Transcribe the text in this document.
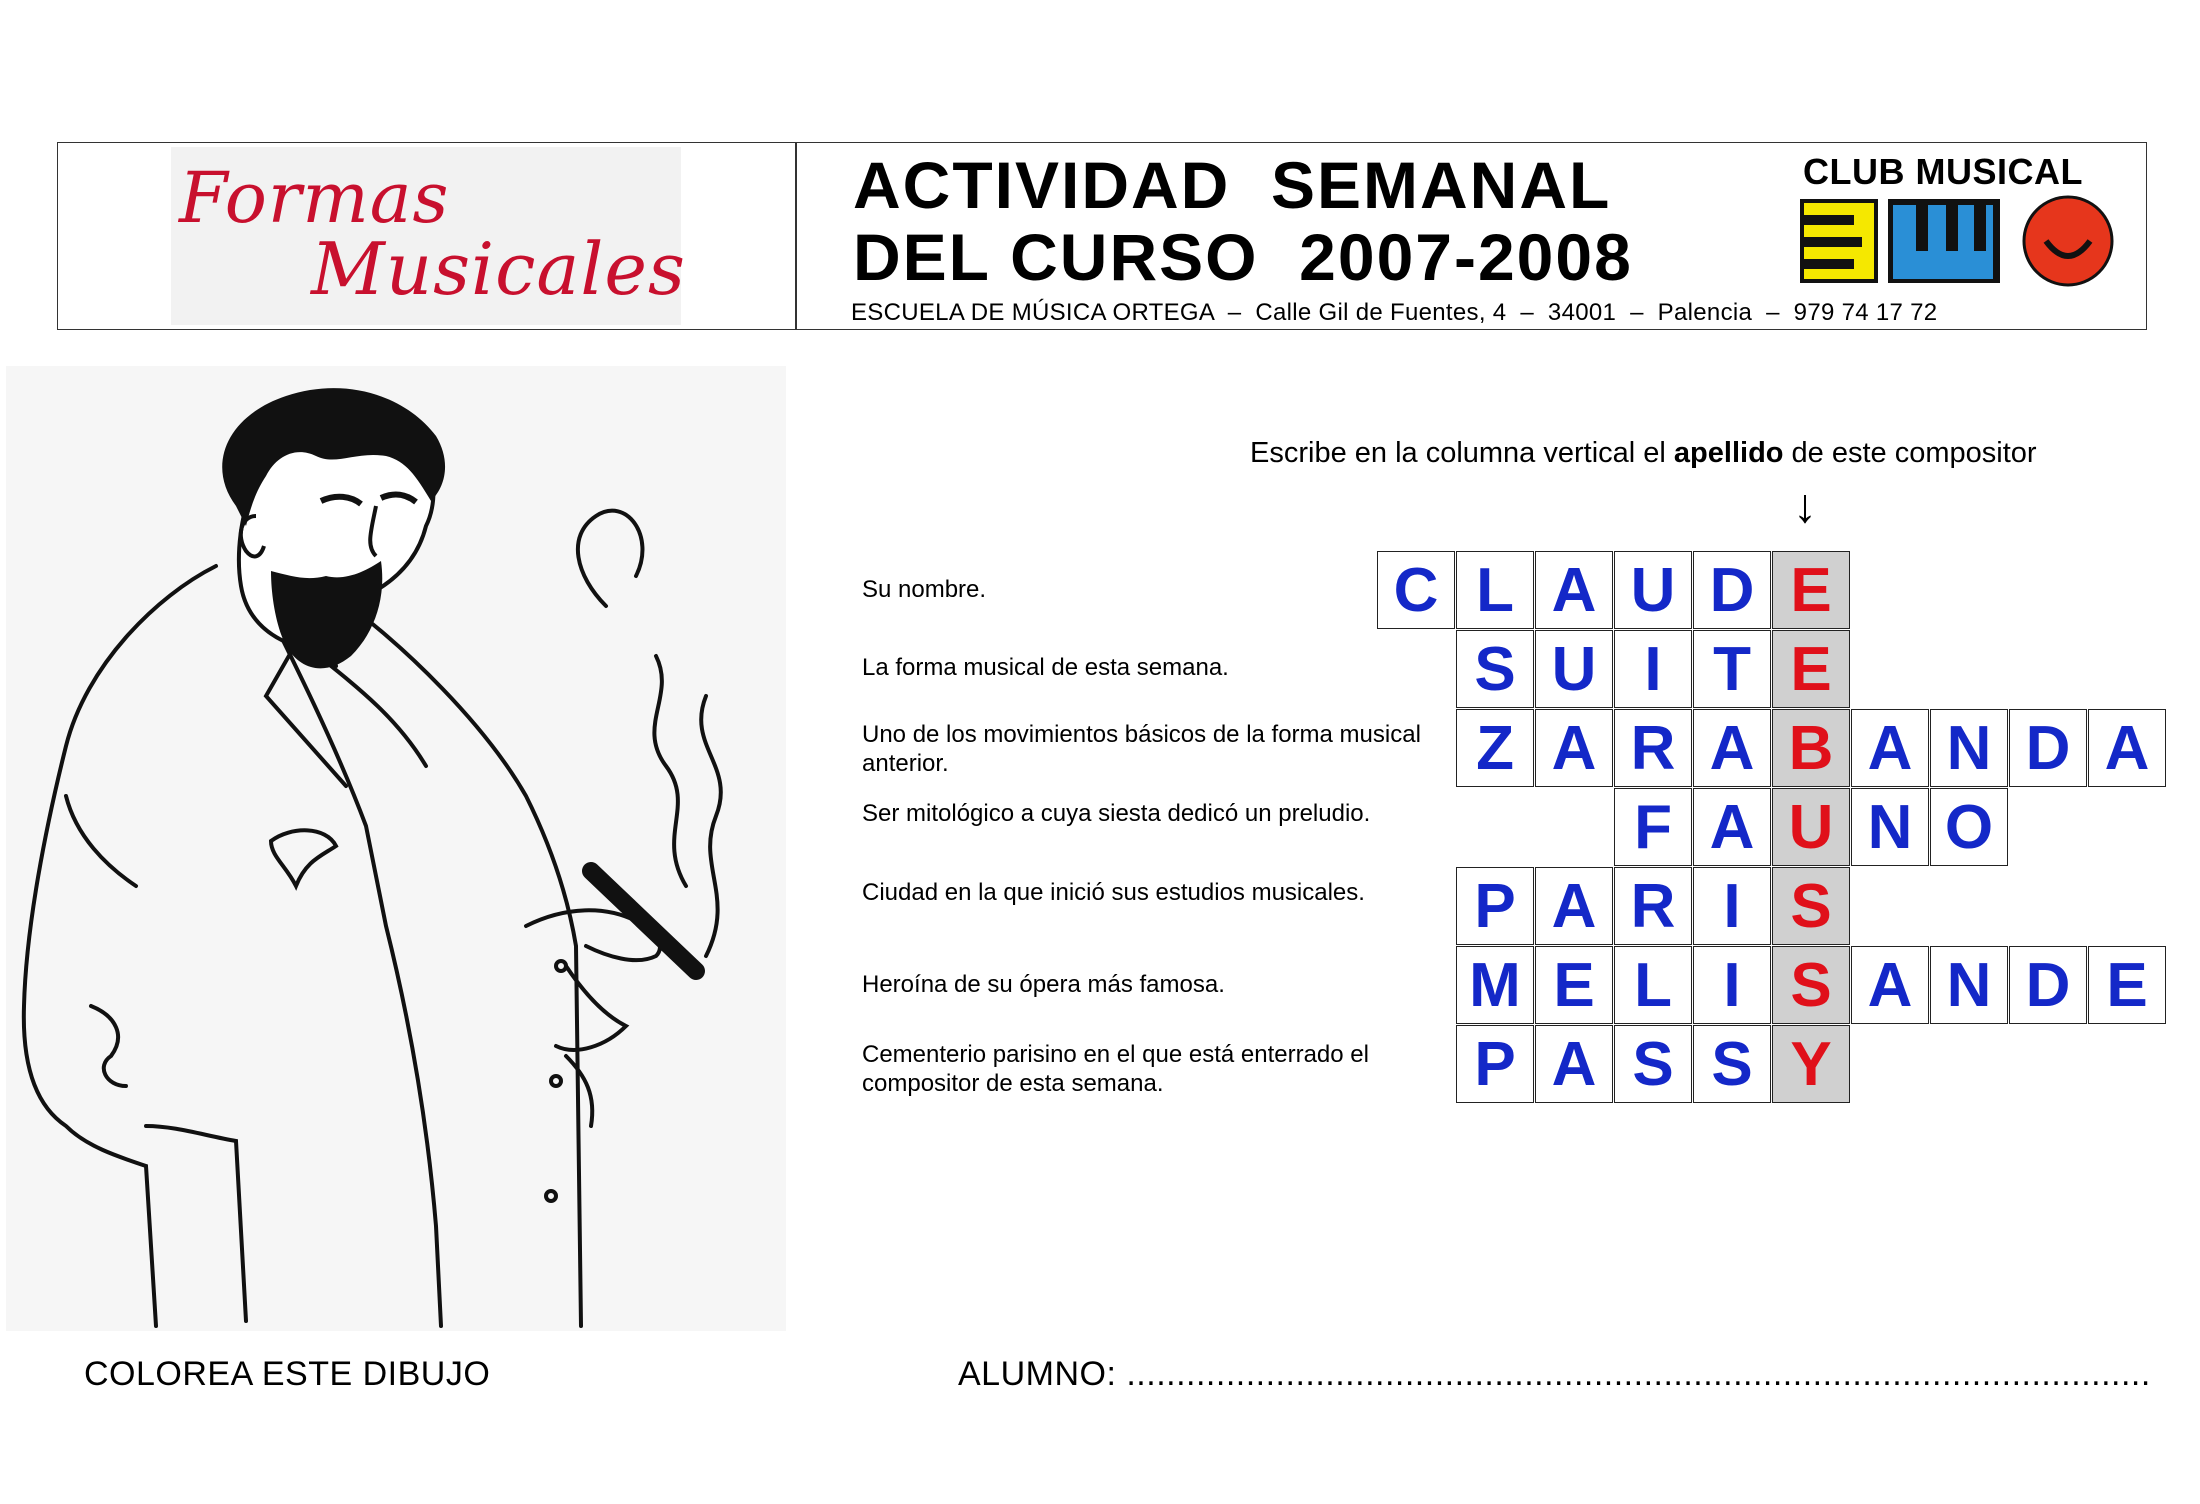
Formas
Musicales
ACTIVIDAD  SEMANAL
DEL CURSO  2007-2008
ESCUELA DE MÚSICA ORTEGA  –  Calle Gil de Fuentes, 4  –  34001  –  Palencia  –  979 74 17 72
CLUB MUSICAL
Escribe en la columna vertical el apellido de este compositor
↓
Su nombre.	C L A U D E
La forma musical de esta semana.	S U I T E
Uno de los movimientos básicos de la forma musical anterior.	Z A R A B A N D A
Ser mitológico a cuya siesta dedicó un preludio.	F A U N O
Ciudad en la que inició sus estudios musicales.	P A R I S
Heroína de su ópera más famosa.	M E L I S A N D E
Cementerio parisino en el que está enterrado el compositor de esta semana.	P A S S Y
COLOREA ESTE DIBUJO	ALUMNO: .......................................................................................................
